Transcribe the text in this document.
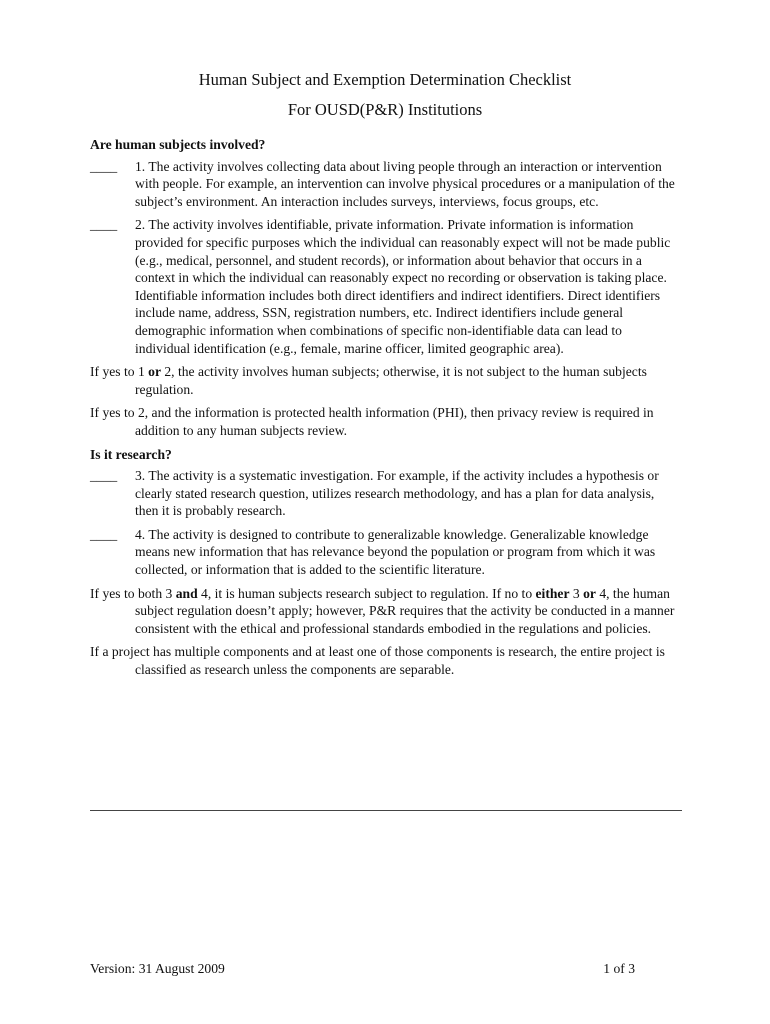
Human Subject and Exemption Determination Checklist
For OUSD(P&R) Institutions
Are human subjects involved?
____	1. The activity involves collecting data about living people through an interaction or intervention with people. For example, an intervention can involve physical procedures or a manipulation of the subject’s environment. An interaction includes surveys, interviews, focus groups, etc.
____	2. The activity involves identifiable, private information. Private information is information provided for specific purposes which the individual can reasonably expect will not be made public (e.g., medical, personnel, and student records), or information about behavior that occurs in a context in which the individual can reasonably expect no recording or observation is taking place. Identifiable information includes both direct identifiers and indirect identifiers. Direct identifiers include name, address, SSN, registration numbers, etc. Indirect identifiers include general demographic information when combinations of specific non-identifiable data can lead to individual identification (e.g., female, marine officer, limited geographic area).

If yes to 1 or 2, the activity involves human subjects; otherwise, it is not subject to the human subjects regulation.

If yes to 2, and the information is protected health information (PHI), then privacy review is required in addition to any human subjects review.

Is it research?
____	3. The activity is a systematic investigation. For example, if the activity includes a hypothesis or clearly stated research question, utilizes research methodology, and has a plan for data analysis, then it is probably research.
____	4. The activity is designed to contribute to generalizable knowledge. Generalizable knowledge means new information that has relevance beyond the population or program from which it was collected, or information that is added to the scientific literature.

If yes to both 3 and 4, it is human subjects research subject to regulation. If no to either 3 or 4, the human subject regulation doesn’t apply; however, P&R requires that the activity be conducted in a manner consistent with the ethical and professional standards embodied in the regulations and policies.

If a project has multiple components and at least one of those components is research, the entire project is classified as research unless the components are separable.

Version: 31 August 2009	1 of 3
